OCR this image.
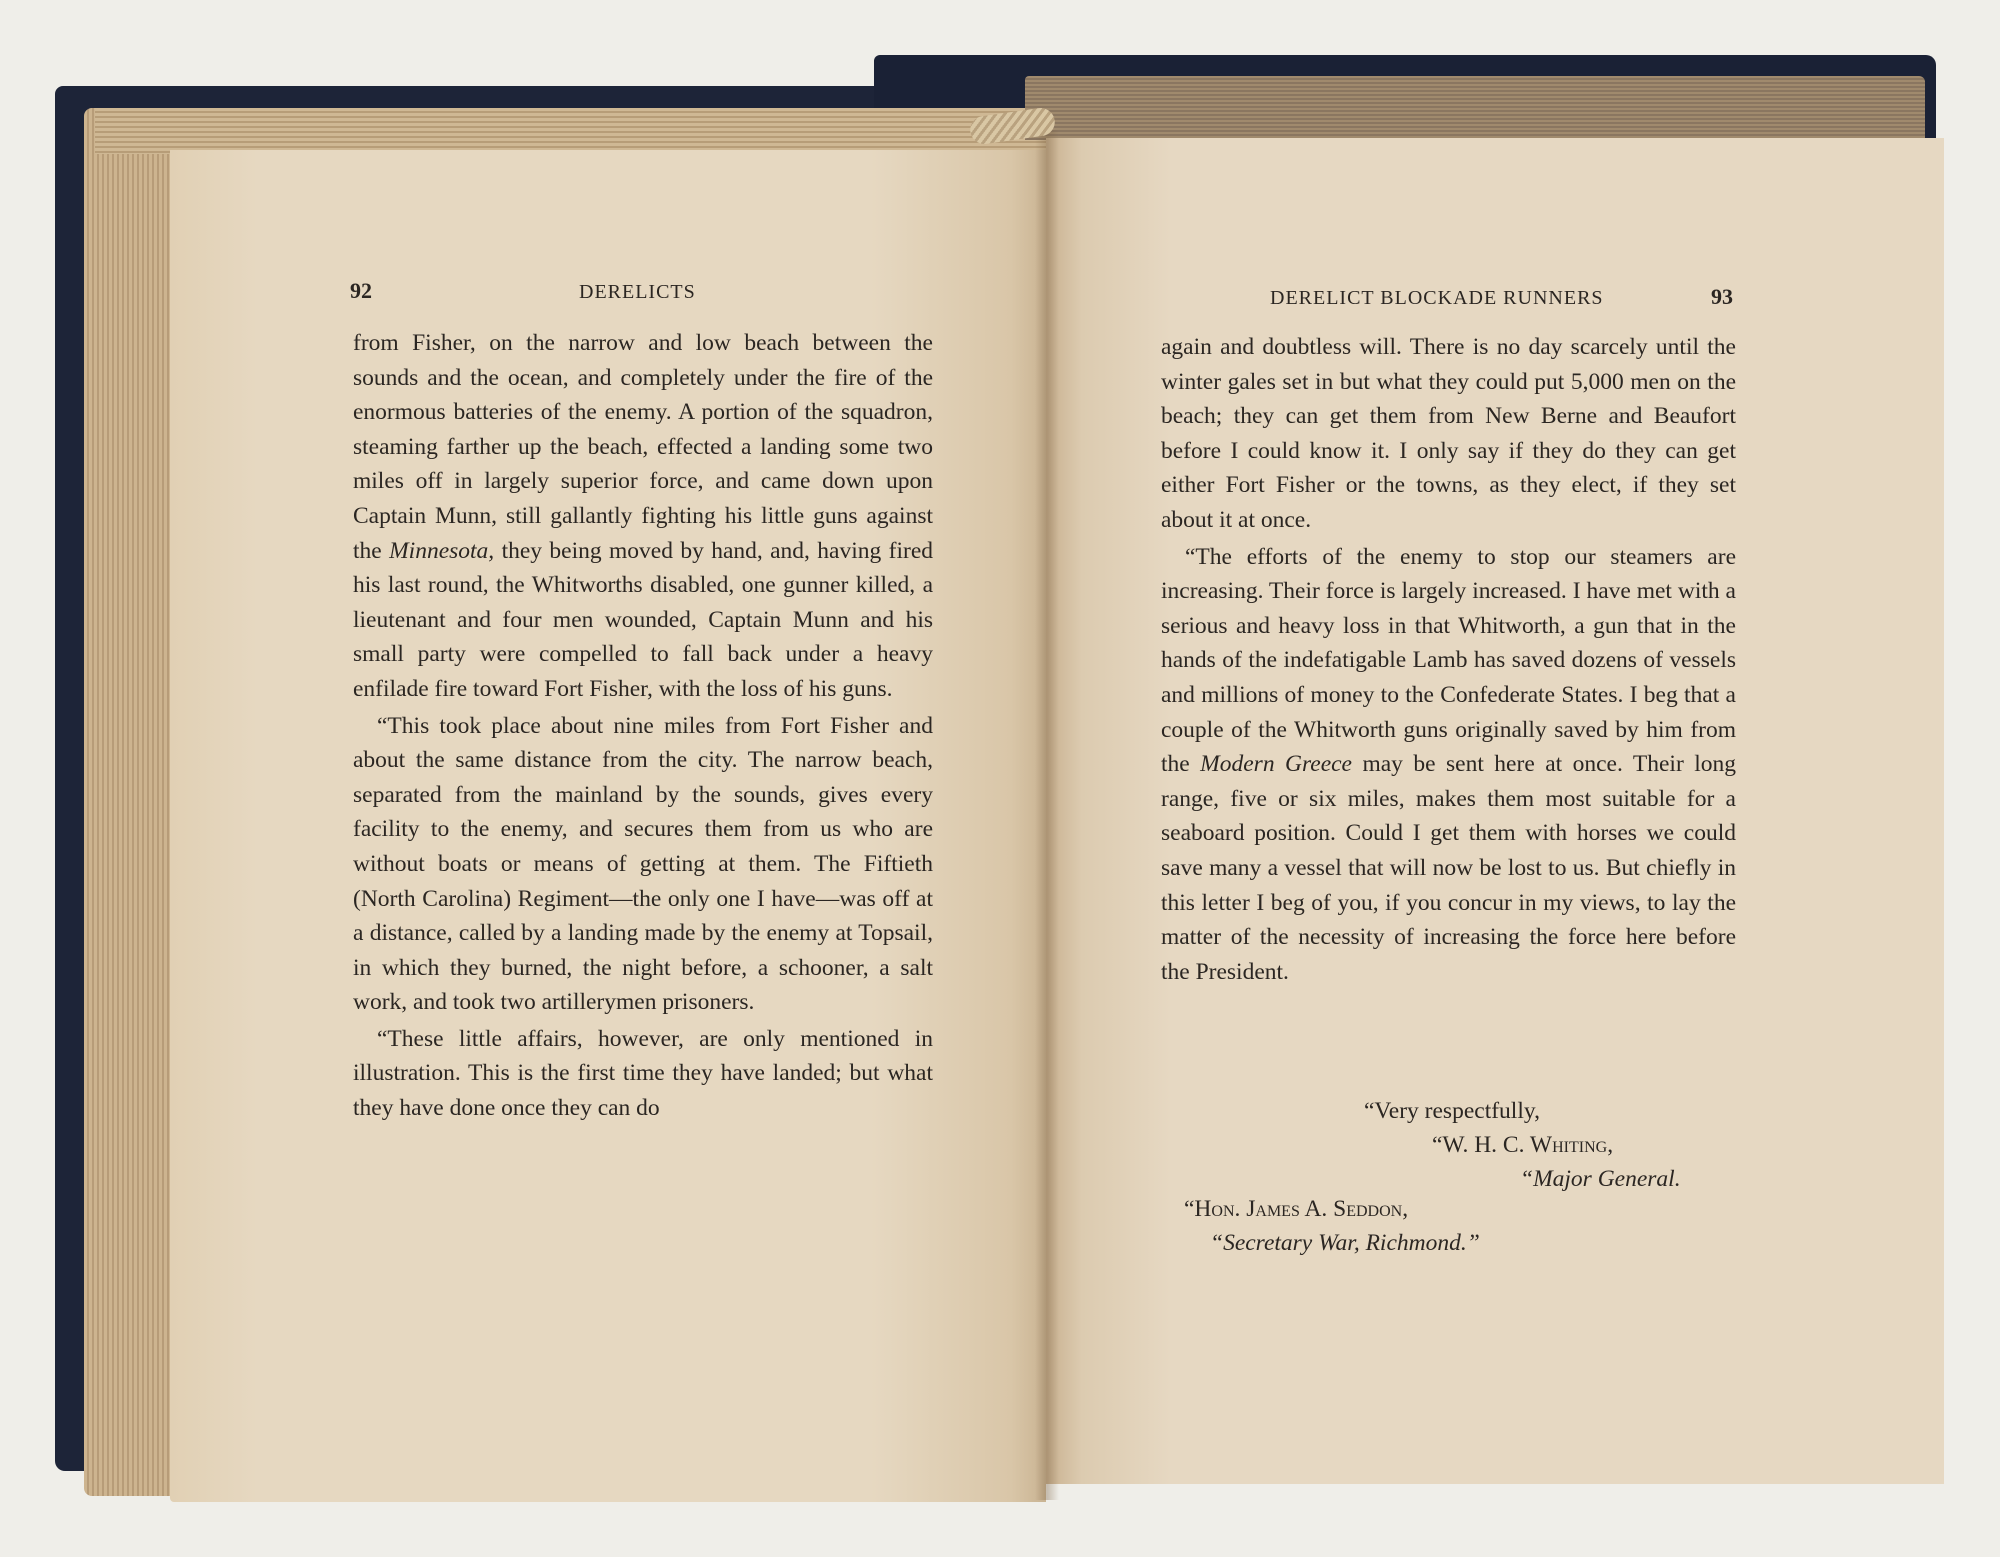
92	DERELICTS

from Fisher, on the narrow and low beach between the sounds and the ocean, and completely under the fire of the enormous batteries of the enemy. A portion of the squadron, steaming farther up the beach, effected a landing some two miles off in largely superior force, and came down upon Captain Munn, still gallantly fighting his little guns against the Minnesota, they being moved by hand, and, having fired his last round, the Whitworths disabled, one gunner killed, a lieutenant and four men wounded, Captain Munn and his small party were compelled to fall back under a heavy enfilade fire toward Fort Fisher, with the loss of his guns.

“This took place about nine miles from Fort Fisher and about the same distance from the city. The narrow beach, separated from the mainland by the sounds, gives every facility to the enemy, and secures them from us who are without boats or means of getting at them. The Fiftieth (North Carolina) Regiment—the only one I have—was off at a distance, called by a landing made by the enemy at Topsail, in which they burned, the night before, a schooner, a salt work, and took two artillerymen prisoners.

“These little affairs, however, are only mentioned in illustration. This is the first time they have landed; but what they have done once they can do

DERELICT BLOCKADE RUNNERS	93

again and doubtless will. There is no day scarcely until the winter gales set in but what they could put 5,000 men on the beach; they can get them from New Berne and Beaufort before I could know it. I only say if they do they can get either Fort Fisher or the towns, as they elect, if they set about it at once.

“The efforts of the enemy to stop our steamers are increasing. Their force is largely increased. I have met with a serious and heavy loss in that Whitworth, a gun that in the hands of the indefatigable Lamb has saved dozens of vessels and millions of money to the Confederate States. I beg that a couple of the Whitworth guns originally saved by him from the Modern Greece may be sent here at once. Their long range, five or six miles, makes them most suitable for a seaboard position. Could I get them with horses we could save many a vessel that will now be lost to us. But chiefly in this letter I beg of you, if you concur in my views, to lay the matter of the necessity of increasing the force here before the President.

“Very respectfully,
“W. H. C. Whiting,
“Major General.
“Hon. James A. Seddon,
“Secretary War, Richmond.”
